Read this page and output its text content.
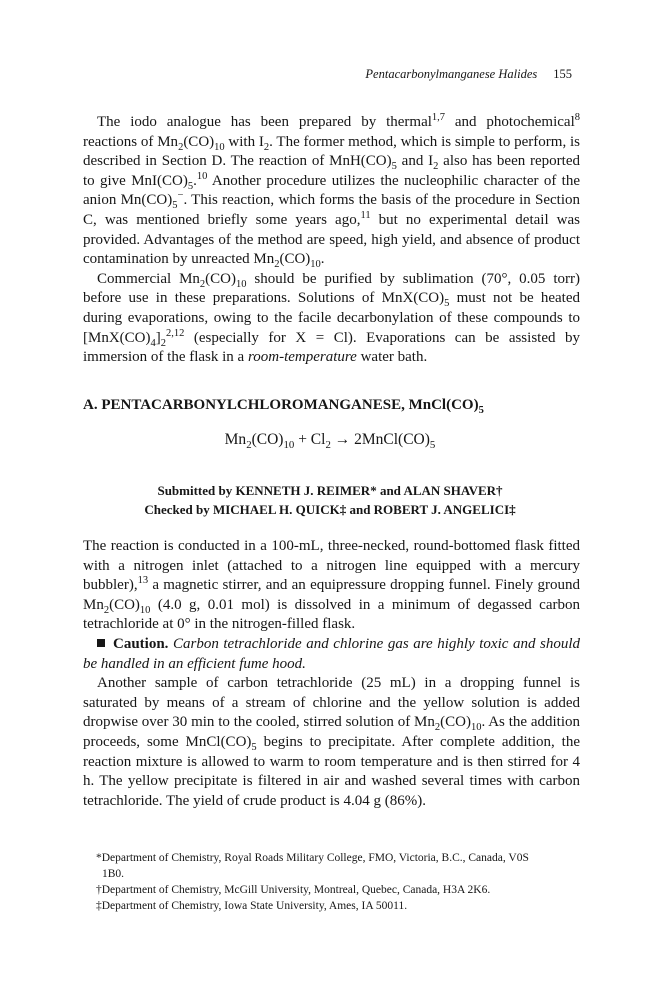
Pentacarbonylmanganese Halides 155

The iodo analogue has been prepared by thermal$^{1,7}$ and photochemical$^8$ reactions of $Mn_2(CO)_{10}$ with $I_2$. The former method, which is simple to perform, is described in Section D. The reaction of $MnH(CO)_5$ and $I_2$ also has been reported to give $MnI(CO)_5.^{10}$ Another procedure utilizes the nucleophilic character of the anion $Mn(CO)_5^-$. This reaction, which forms the basis of the procedure in Section C, was mentioned briefly some years ago,$^{11}$ but no experimental detail was provided. Advantages of the method are speed, high yield, and absence of product contamination by unreacted $Mn_2(CO)_{10}$.

Commercial $Mn_2(CO)_{10}$ should be purified by sublimation (70°, 0.05 torr) before use in these preparations. Solutions of $MnX(CO)_5$ must not be heated during evaporations, owing to the facile decarbonylation of these compounds to $[MnX(CO)_4]_2^{2,12}$ (especially for X = Cl). Evaporations can be assisted by immersion of the flask in a room-temperature water bath.

A. PENTACARBONYLCHLOROMANGANESE, $MnCl(CO)_5$
$Mn_2(CO)_{10} + Cl_2$ → $2MnCl(CO)_5$
Submitted by KENNETH J. REIMER* and ALAN SHAVER†
Checked by MICHAEL H. QUICK‡ and ROBERT J. ANGELICI‡

The reaction is conducted in a 100-mL, three-necked, round-bottomed flask fitted with a nitrogen inlet (attached to a nitrogen line equipped with a mercury bubbler),$^{13}$ a magnetic stirrer, and an equipressure dropping funnel. Finely ground $Mn_2(CO)_{10}$ (4.0 g, 0.01 mol) is dissolved in a minimum of degassed carbon tetrachloride at 0° in the nitrogen-filled flask.

Caution. Carbon tetrachloride and chlorine gas are highly toxic and should be handled in an efficient fume hood.

Another sample of carbon tetrachloride (25 mL) in a dropping funnel is saturated by means of a stream of chlorine and the yellow solution is added dropwise over 30 min to the cooled, stirred solution of $Mn_2(CO)_{10}$. As the addition proceeds, some $MnCl(CO)_5$ begins to precipitate. After complete addition, the reaction mixture is allowed to warm to room temperature and is then stirred for 4 h. The yellow precipitate is filtered in air and washed several times with carbon tetrachloride. The yield of crude product is 4.04 g (86%).

*Department of Chemistry, Royal Roads Military College, FMO, Victoria, B.C., Canada, V0S
1B0.
†Department of Chemistry, McGill University, Montreal, Quebec, Canada, H3A 2K6.
‡Department of Chemistry, Iowa State University, Ames, IA 50011.
